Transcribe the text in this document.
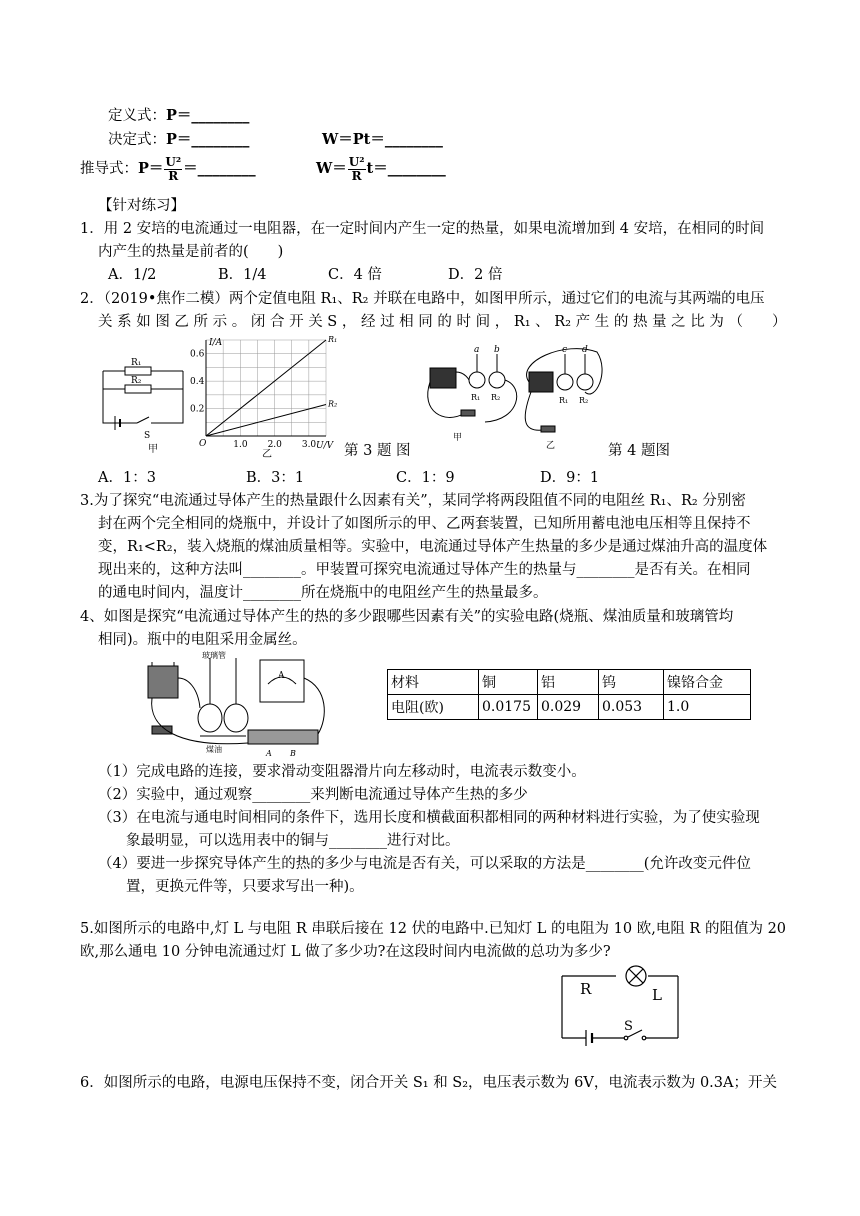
定义式：P＝________
决定式：P＝________	W＝Pt＝________
推导式：$P= \frac{\text{U²}}{R}$ ＝________	$W= \frac{\text{U²}}{R}$ t＝________
【针对练习】
1．用 2 安培的电流通过一电阻器，在一定时间内产生一定的热量，如果电流增加到 4 安培，在相同的时间
内产生的热量是前者的(　　)
A．1/2	B．1/4	C．4 倍	D．2 倍
2．（2019•焦作二模）两个定值电阻 R₁、R₂ 并联在电路中，如图甲所示，通过它们的电流与其两端的电压
关 系 如 图 乙 所 示 。 闭 合 开 关 S ， 经 过 相 同 的 时 间 ， R₁ 、 R₂ 产 生 的 热 量 之 比 为 （　　）
R₁
R₂
S
甲
R₁
R₂
1.0 2.0 3.0
0.2
0.4
0.6
I/A
U/V
O
乙	第 3 题 图	第 4 题图
a b	c d
R₁ R₂	R₁ R₂
甲
乙
A．1：3	B．3：1	C．1：9	D．9：1
3.为了探究“电流通过导体产生的热量跟什么因素有关”，某同学将两段阻值不同的电阻丝 R₁、R₂ 分别密
封在两个完全相同的烧瓶中，并设计了如图所示的甲、乙两套装置，已知所用蓄电池电压相等且保持不
变，R₁<R₂，装入烧瓶的煤油质量相等。实验中，电流通过导体产生热量的多少是通过煤油升高的温度体
现出来的，这种方法叫________。甲装置可探究电流通过导体产生的热量与________是否有关。在相同
的通电时间内，温度计________所在烧瓶中的电阻丝产生的热量最多。
4、如图是探究“电流通过导体产生的热的多少跟哪些因素有关”的实验电路(烧瓶、煤油质量和玻璃管均
相同)。瓶中的电阻采用金属丝。
玻璃管
煤油
A
A B
材料	铜	铝	钨	镍铬合金
电阻(欧)	0.0175	0.029	0.053	1.0
（1）完成电路的连接，要求滑动变阻器滑片向左移动时，电流表示数变小。
（2）实验中，通过观察________来判断电流通过导体产生热的多少
（3）在电流与通电时间相同的条件下，选用长度和横截面积都相同的两种材料进行实验，为了使实验现
象最明显，可以选用表中的铜与________进行对比。
（4）要进一步探究导体产生的热的多少与电流是否有关，可以采取的方法是________(允许改变元件位
置，更换元件等，只要求写出一种)。
5.如图所示的电路中,灯 L 与电阻 R 串联后接在 12 伏的电路中.已知灯 L 的电阻为 10 欧,电阻 R 的阻值为 20
欧,那么通电 10 分钟电流通过灯 L 做了多少功?在这段时间内电流做的总功为多少?
R	L
S
6．如图所示的电路，电源电压保持不变，闭合开关 S₁ 和 S₂，电压表示数为 6V，电流表示数为 0.3A；开关
